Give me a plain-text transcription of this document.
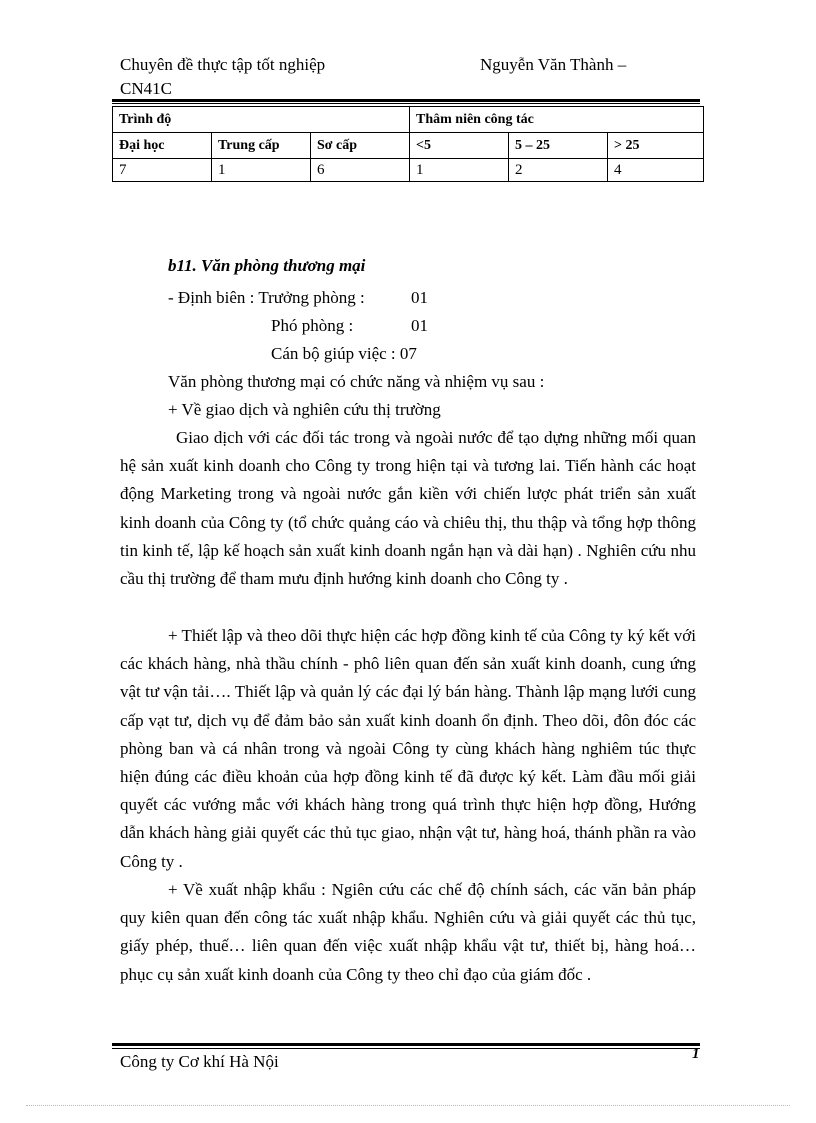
Chuyên đề thực tập tốt nghiệp	Nguyễn Văn Thành –
CN41C
Trình độ			Thâm niên công tác		
Đại học	Trung cấp	Sơ cấp	<5	5 – 25	> 25
7	1	6	1	2	4
b11. Văn phòng thương mại
- Định biên : Trưởng phòng :	01
Phó phòng :	01
Cán bộ giúp việc : 07
Văn phòng thương mại có chức năng và nhiệm vụ sau :
+ Về giao dịch và nghiên cứu thị trường
Giao dịch với các đối tác trong và ngoài nước để tạo dựng những mối quan hệ sản xuất kinh doanh cho Công ty trong hiện tại và tương lai. Tiến hành các hoạt động Marketing trong và ngoài nước gắn kiền với chiến lược phát triển sản xuất kinh doanh của Công ty (tổ chức quảng cáo và chiêu thị, thu thập và tổng hợp thông tin kinh tế, lập kế hoạch sản xuất kinh doanh ngắn hạn và dài hạn) . Nghiên cứu nhu cầu thị trường để tham mưu định hướng kinh doanh cho Công ty .
+ Thiết lập và theo dõi thực hiện các hợp đồng kinh tế của Công ty ký kết với các khách hàng, nhà thầu chính - phô liên quan đến sản xuất kinh doanh, cung ứng vật tư vận tải…. Thiết lập và quản lý các đại lý bán hàng. Thành lập mạng lưới cung cấp vạt tư, dịch vụ để đảm bảo sản xuất kinh doanh ổn định. Theo dõi, đôn đóc các phòng ban và cá nhân trong và ngoài Công ty cùng khách hàng nghiêm túc thực hiện đúng các điều khoản của hợp đồng kinh tế đã được ký kết. Làm đầu mối giải quyết các vướng mắc với khách hàng trong quá trình thực hiện hợp đồng, Hướng dẫn khách hàng giải quyết các thủ tục giao, nhận vật tư, hàng hoá, thánh phần ra vào Công ty .
+ Về xuất nhập khẩu : Ngiên cứu các chế độ chính sách, các văn bản pháp quy kiên quan đến công tác xuất nhập khẩu. Nghiên cứu và giải quyết các thủ tục, giấy phép, thuế… liên quan đến việc xuất nhập khẩu vật tư, thiết bị, hàng hoá…phục cụ sản xuất kinh doanh của Công ty theo chỉ đạo của giám đốc .
Công ty Cơ khí Hà Nội	1
